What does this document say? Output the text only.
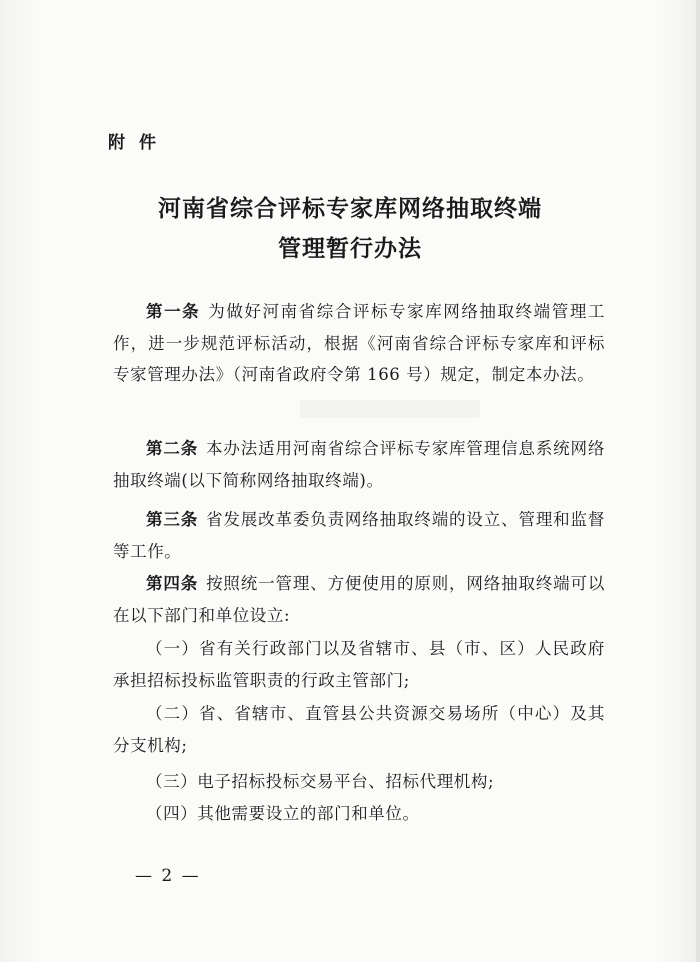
附件
河南省综合评标专家库网络抽取终端
管理暂行办法
第一条 为做好河南省综合评标专家库网络抽取终端管理工作，进一步规范评标活动，根据《河南省综合评标专家库和评标专家管理办法》（河南省政府令第 166 号）规定，制定本办法。
第二条 本办法适用河南省综合评标专家库管理信息系统网络抽取终端(以下简称网络抽取终端)。
第三条 省发展改革委负责网络抽取终端的设立、管理和监督等工作。
第四条 按照统一管理、方便使用的原则，网络抽取终端可以在以下部门和单位设立:
（一）省有关行政部门以及省辖市、县（市、区）人民政府承担招标投标监管职责的行政主管部门;
（二）省、省辖市、直管县公共资源交易场所（中心）及其分支机构;
（三）电子招标投标交易平台、招标代理机构;
（四）其他需要设立的部门和单位。
— 2 —
